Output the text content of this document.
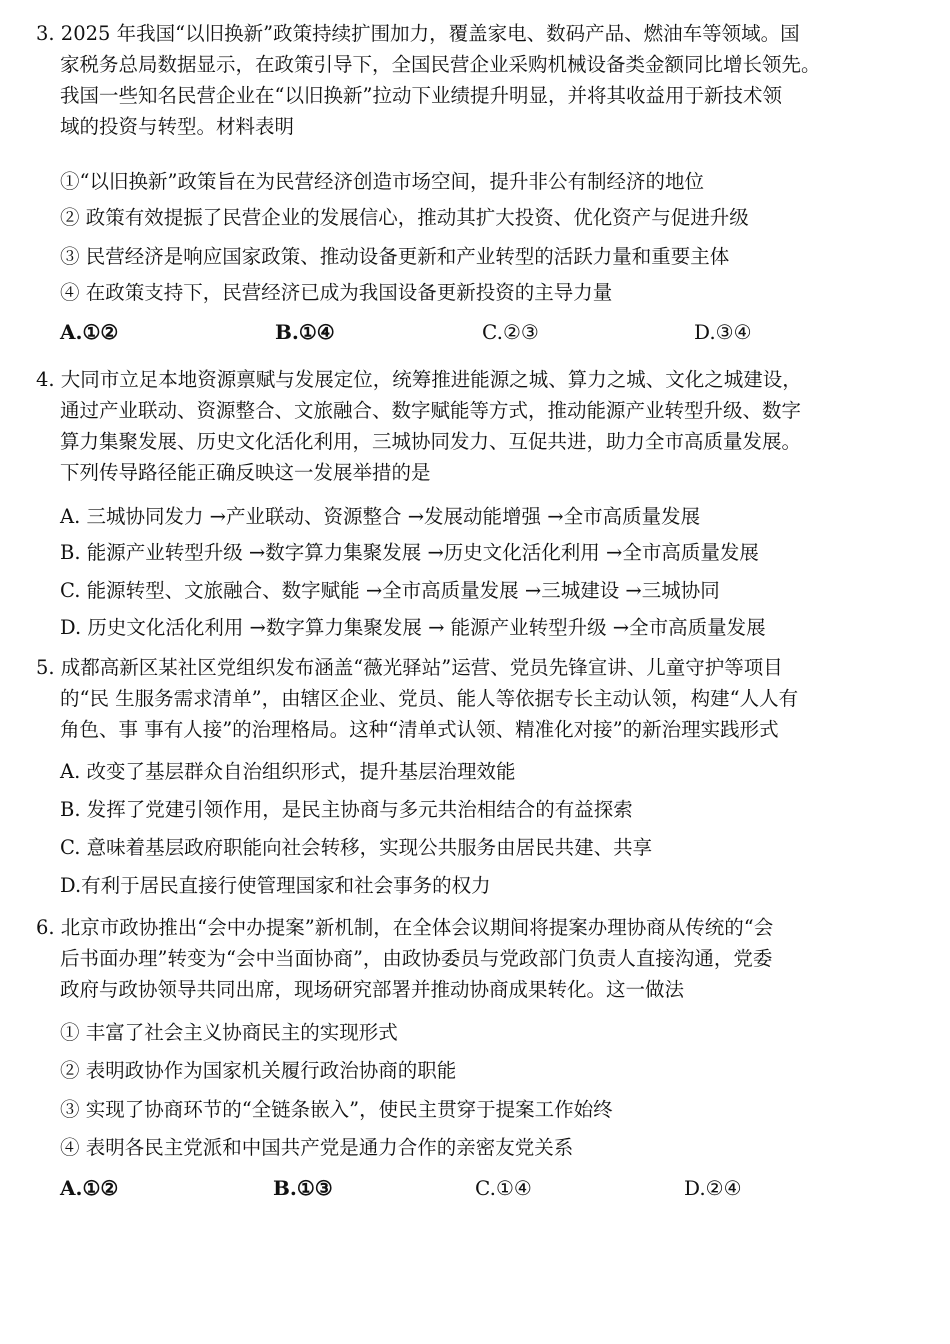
3. 2025 年我国“以旧换新”政策持续扩围加力，覆盖家电、数码产品、燃油车等领域。国
家税务总局数据显示，在政策引导下，全国民营企业采购机械设备类金额同比增长领先。
我国一些知名民营企业在“以旧换新”拉动下业绩提升明显，并将其收益用于新技术领
域的投资与转型。材料表明
①“以旧换新”政策旨在为民营经济创造市场空间，提升非公有制经济的地位
② 政策有效提振了民营企业的发展信心，推动其扩大投资、优化资产与促进升级
③ 民营经济是响应国家政策、推动设备更新和产业转型的活跃力量和重要主体
④ 在政策支持下，民营经济已成为我国设备更新投资的主导力量
A.①②	B.①④	C.②③	D.③④
4. 大同市立足本地资源禀赋与发展定位，统筹推进能源之城、算力之城、文化之城建设，
通过产业联动、资源整合、文旅融合、数字赋能等方式，推动能源产业转型升级、数字
算力集聚发展、历史文化活化利用，三城协同发力、互促共进，助力全市高质量发展。
下列传导路径能正确反映这一发展举措的是
A. 三城协同发力 →产业联动、资源整合 →发展动能增强 →全市高质量发展
B. 能源产业转型升级 →数字算力集聚发展 →历史文化活化利用 →全市高质量发展
C. 能源转型、文旅融合、数字赋能 →全市高质量发展 →三城建设 →三城协同
D. 历史文化活化利用 →数字算力集聚发展 → 能源产业转型升级 →全市高质量发展
5. 成都高新区某社区党组织发布涵盖“薇光驿站”运营、党员先锋宣讲、儿童守护等项目
的“民 生服务需求清单”，由辖区企业、党员、能人等依据专长主动认领，构建“人人有
角色、事 事有人接”的治理格局。这种“清单式认领、精准化对接”的新治理实践形式
A. 改变了基层群众自治组织形式，提升基层治理效能
B. 发挥了党建引领作用，是民主协商与多元共治相结合的有益探索
C. 意味着基层政府职能向社会转移，实现公共服务由居民共建、共享
D.有利于居民直接行使管理国家和社会事务的权力
6. 北京市政协推出“会中办提案”新机制，在全体会议期间将提案办理协商从传统的“会
后书面办理”转变为“会中当面协商”，由政协委员与党政部门负责人直接沟通，党委
政府与政协领导共同出席，现场研究部署并推动协商成果转化。这一做法
① 丰富了社会主义协商民主的实现形式
② 表明政协作为国家机关履行政治协商的职能
③ 实现了协商环节的“全链条嵌入”，使民主贯穿于提案工作始终
④ 表明各民主党派和中国共产党是通力合作的亲密友党关系
A.①②	B.①③	C.①④	D.②④
